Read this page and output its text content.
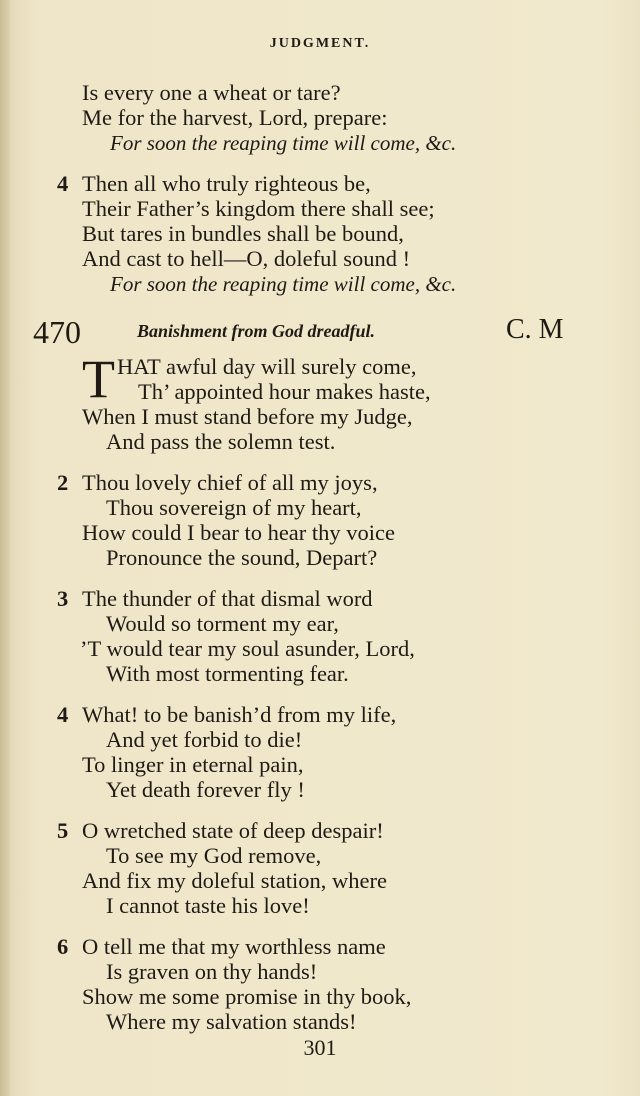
JUDGMENT.
Is every one a wheat or tare?
Me for the harvest, Lord, prepare:
For soon the reaping time will come, &c.
4 Then all who truly righteous be,
Their Father’s kingdom there shall see;
But tares in bundles shall be bound,
And cast to hell—O, doleful sound !
For soon the reaping time will come, &c.
470	Banishment from God dreadful.	C. M
T HAT awful day will surely come,
Th’ appointed hour makes haste,
When I must stand before my Judge,
And pass the solemn test.
2 Thou lovely chief of all my joys,
Thou sovereign of my heart,
How could I bear to hear thy voice
Pronounce the sound, Depart?
3 The thunder of that dismal word
Would so torment my ear,
’T would tear my soul asunder, Lord,
With most tormenting fear.
4 What! to be banish’d from my life,
And yet forbid to die!
To linger in eternal pain,
Yet death forever fly !
5 O wretched state of deep despair!
To see my God remove,
And fix my doleful station, where
I cannot taste his love!
6 O tell me that my worthless name
Is graven on thy hands!
Show me some promise in thy book,
Where my salvation stands!
301
